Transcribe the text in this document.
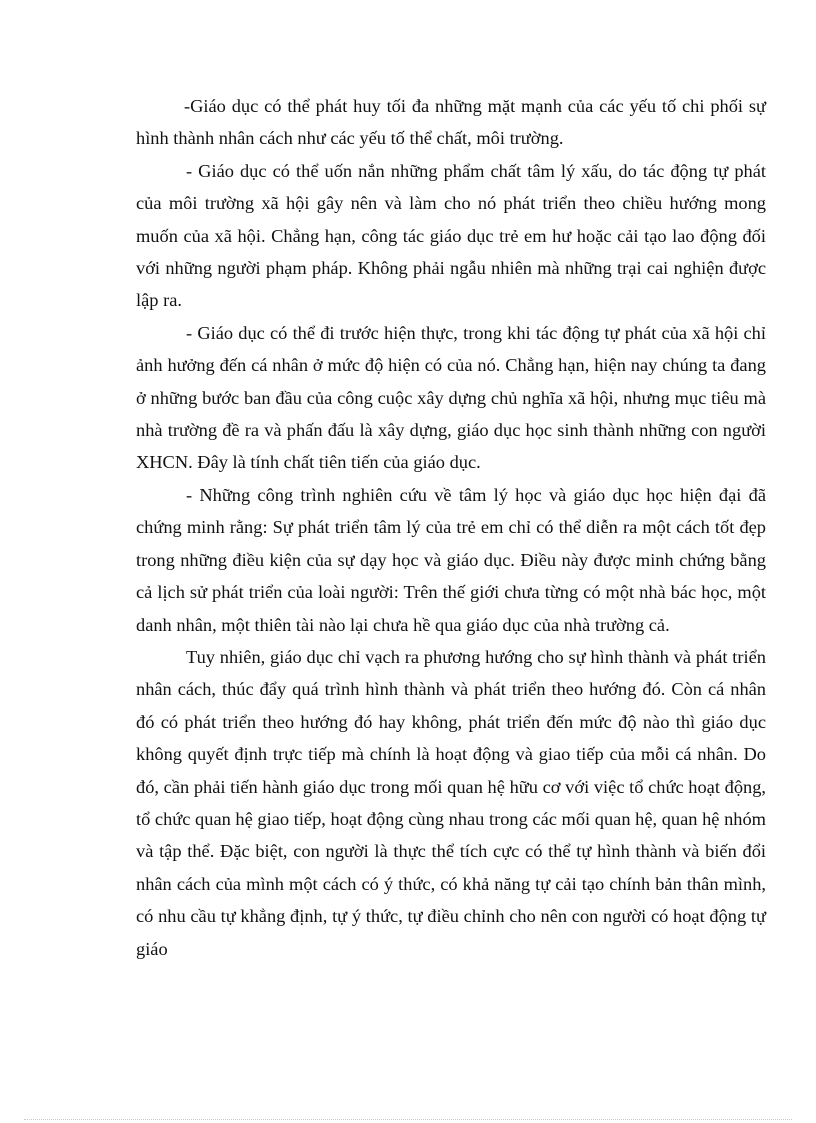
-Giáo dục có thể phát huy tối đa những mặt mạnh của các yếu tố chi phối sự hình thành nhân cách như các yếu tố thể chất, môi trường.

- Giáo dục có thể uốn nắn những phẩm chất tâm lý xấu, do tác động tự phát của môi trường xã hội gây nên và làm cho nó phát triển theo chiều hướng mong muốn của xã hội. Chẳng hạn, công tác giáo dục trẻ em hư hoặc cải tạo lao động đối với những người phạm pháp. Không phải ngẫu nhiên mà những trại cai nghiện được lập ra.

- Giáo dục có thể đi trước hiện thực, trong khi tác động tự phát của xã hội chỉ ảnh hưởng đến cá nhân ở mức độ hiện có của nó. Chẳng hạn, hiện nay chúng ta đang ở những bước ban đầu của công cuộc xây dựng chủ nghĩa xã hội, nhưng mục tiêu mà nhà trường đề ra và phấn đấu là xây dựng, giáo dục học sinh thành những con người XHCN. Đây là tính chất tiên tiến của giáo dục.

- Những công trình nghiên cứu về tâm lý học và giáo dục học hiện đại đã chứng minh rằng: Sự phát triển tâm lý của trẻ em chỉ có thể diễn ra một cách tốt đẹp trong những điều kiện của sự dạy học và giáo dục. Điều này được minh chứng bằng cả lịch sử phát triển của loài người: Trên thế giới chưa từng có một nhà bác học, một danh nhân, một thiên tài nào lại chưa hề qua giáo dục của nhà trường cả.

Tuy nhiên, giáo dục chỉ vạch ra phương hướng cho sự hình thành và phát triển nhân cách, thúc đẩy quá trình hình thành và phát triển theo hướng đó. Còn cá nhân đó có phát triển theo hướng đó hay không, phát triển đến mức độ nào thì giáo dục không quyết định trực tiếp mà chính là hoạt động và giao tiếp của mỗi cá nhân. Do đó, cần phải tiến hành giáo dục trong mối quan hệ hữu cơ với việc tổ chức hoạt động, tổ chức quan hệ giao tiếp, hoạt động cùng nhau trong các mối quan hệ, quan hệ nhóm và tập thể. Đặc biệt, con người là thực thể tích cực có thể tự hình thành và biến đổi nhân cách của mình một cách có ý thức, có khả năng tự cải tạo chính bản thân mình, có nhu cầu tự khẳng định, tự ý thức, tự điều chỉnh cho nên con người có hoạt động tự giáo
